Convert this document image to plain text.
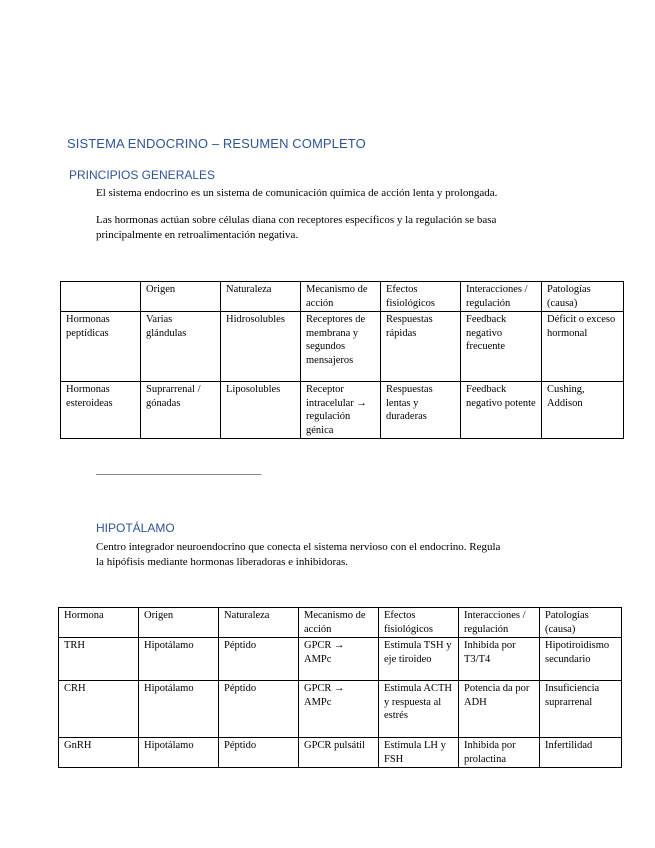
SISTEMA ENDOCRINO – RESUMEN COMPLETO
PRINCIPIOS GENERALES

El sistema endocrino es un sistema de comunicación química de acción lenta y prolongada.

Las hormonas actúan sobre células diana con receptores específicos y la regulación se basa
principalmente en retroalimentación negativa.

	Origen	Naturaleza	Mecanismo de acción	Efectos fisiológicos	Interacciones / regulación	Patologías (causa)
Hormonas peptídicas	Varias glándulas	Hidrosolubles	Receptores de membrana y segundos mensajeros	Respuestas rápidas	Feedback negativo frecuente	Déficit o exceso hormonal
Hormonas esteroideas	Suprarrenal / gónadas	Liposolubles	Receptor intracelular → regulación génica	Respuestas lentas y duraderas	Feedback negativo potente	Cushing, Addison
_______________________________________________
HIPOTÁLAMO

Centro integrador neuroendocrino que conecta el sistema nervioso con el endocrino. Regula
la hipófisis mediante hormonas liberadoras e inhibidoras.

Hormona	Origen	Naturaleza	Mecanismo de acción	Efectos fisiológicos	Interacciones / regulación	Patologías (causa)
TRH	Hipotálamo	Péptido	GPCR → AMPc	Estimula TSH y eje tiroideo	Inhibida por T3/T4	Hipotiroidismo secundario
CRH	Hipotálamo	Péptido	GPCR → AMPc	Estimula ACTH y respuesta al estrés	Potencia da por ADH	Insuficiencia suprarrenal
GnRH	Hipotálamo	Péptido	GPCR pulsátil	Estimula LH y FSH	Inhibida por prolactina	Infertilidad
